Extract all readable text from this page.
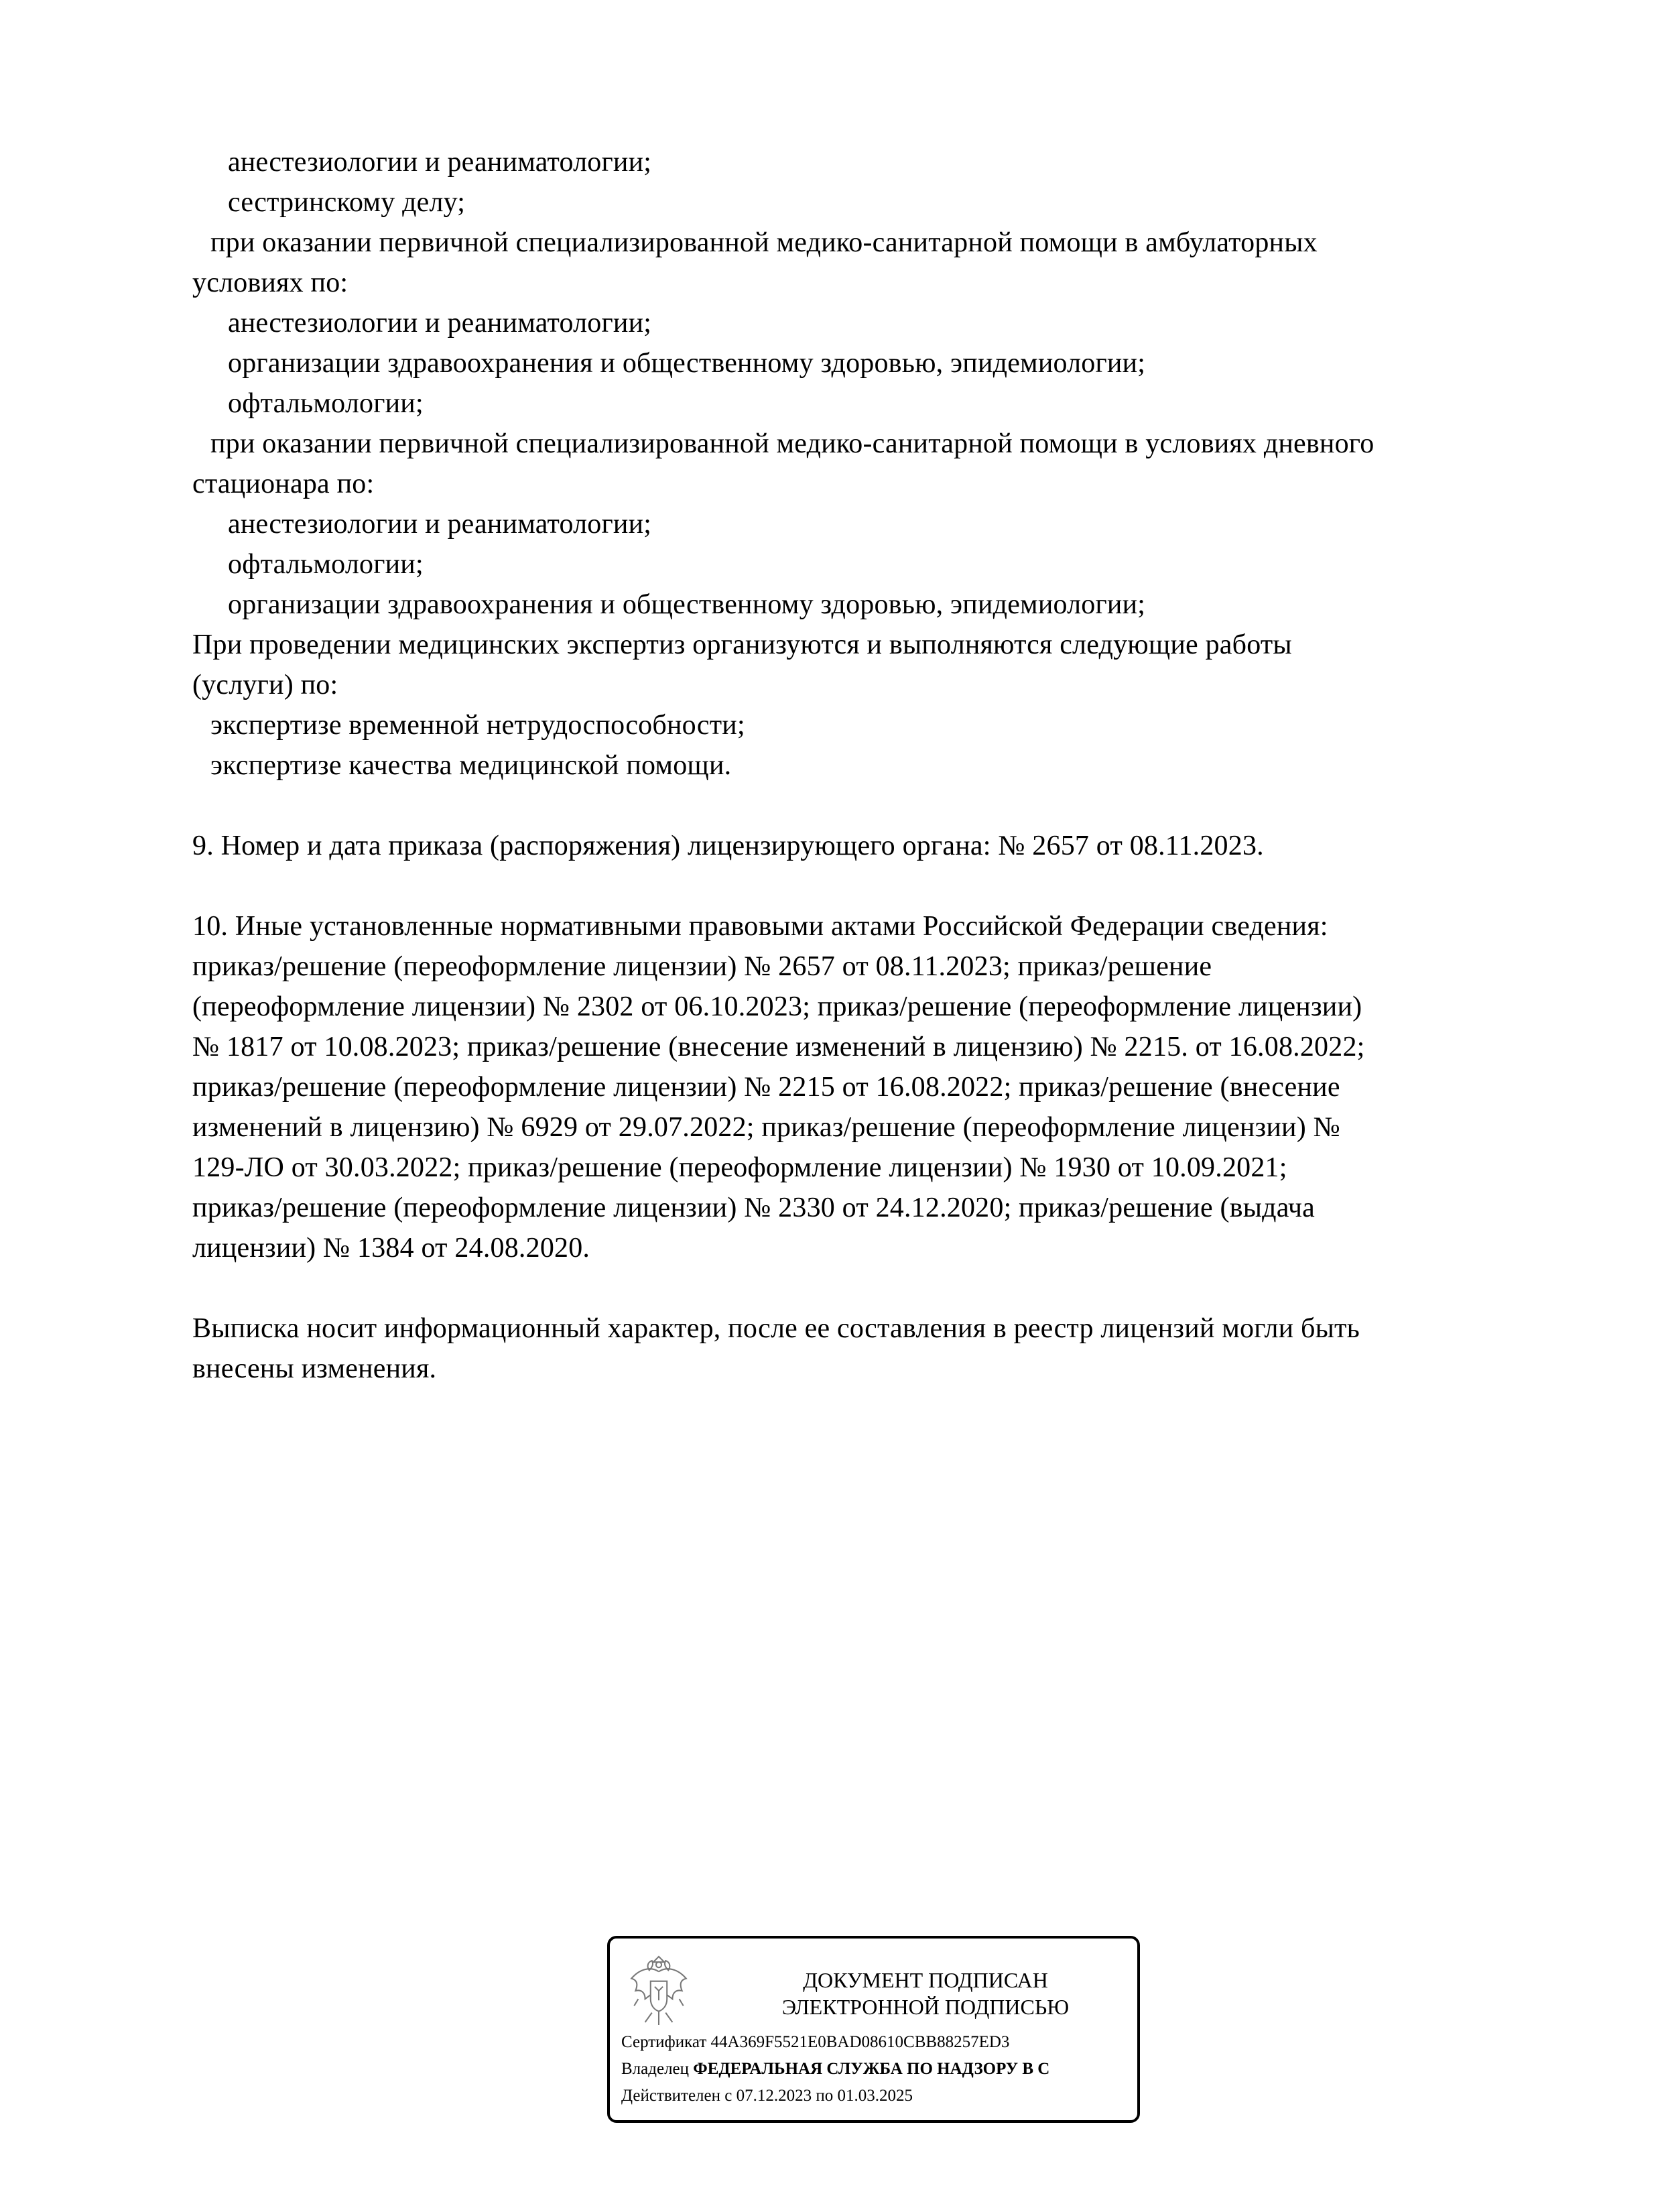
анестезиологии и реаниматологии;
сестринскому делу;
при оказании первичной специализированной медико-санитарной помощи в амбулаторных
условиях по:
анестезиологии и реаниматологии;
организации здравоохранения и общественному здоровью, эпидемиологии;
офтальмологии;
при оказании первичной специализированной медико-санитарной помощи в условиях дневного
стационара по:
анестезиологии и реаниматологии;
офтальмологии;
организации здравоохранения и общественному здоровью, эпидемиологии;
При проведении медицинских экспертиз организуются и выполняются следующие работы
(услуги) по:
экспертизе временной нетрудоспособности;
экспертизе качества медицинской помощи.
9. Номер и дата приказа (распоряжения) лицензирующего органа: № 2657 от 08.11.2023.
10. Иные установленные нормативными правовыми актами Российской Федерации сведения:
приказ/решение (переоформление лицензии) № 2657 от 08.11.2023; приказ/решение
(переоформление лицензии) № 2302 от 06.10.2023; приказ/решение (переоформление лицензии)
№ 1817 от 10.08.2023; приказ/решение (внесение изменений в лицензию) № 2215. от 16.08.2022;
приказ/решение (переоформление лицензии) № 2215 от 16.08.2022; приказ/решение (внесение
изменений в лицензию) № 6929 от 29.07.2022; приказ/решение (переоформление лицензии) №
129-ЛО от 30.03.2022; приказ/решение (переоформление лицензии) № 1930 от 10.09.2021;
приказ/решение (переоформление лицензии) № 2330 от 24.12.2020; приказ/решение (выдача
лицензии) № 1384 от 24.08.2020.
Выписка носит информационный характер, после ее составления в реестр лицензий могли быть
внесены изменения.
ДОКУМЕНТ ПОДПИСАН
ЭЛЕКТРОННОЙ ПОДПИСЬЮ
Сертификат 44A369F5521E0BAD08610CBB88257ED3
Владелец ФЕДЕРАЛЬНАЯ СЛУЖБА ПО НАДЗОРУ В С
Действителен с 07.12.2023 по 01.03.2025
